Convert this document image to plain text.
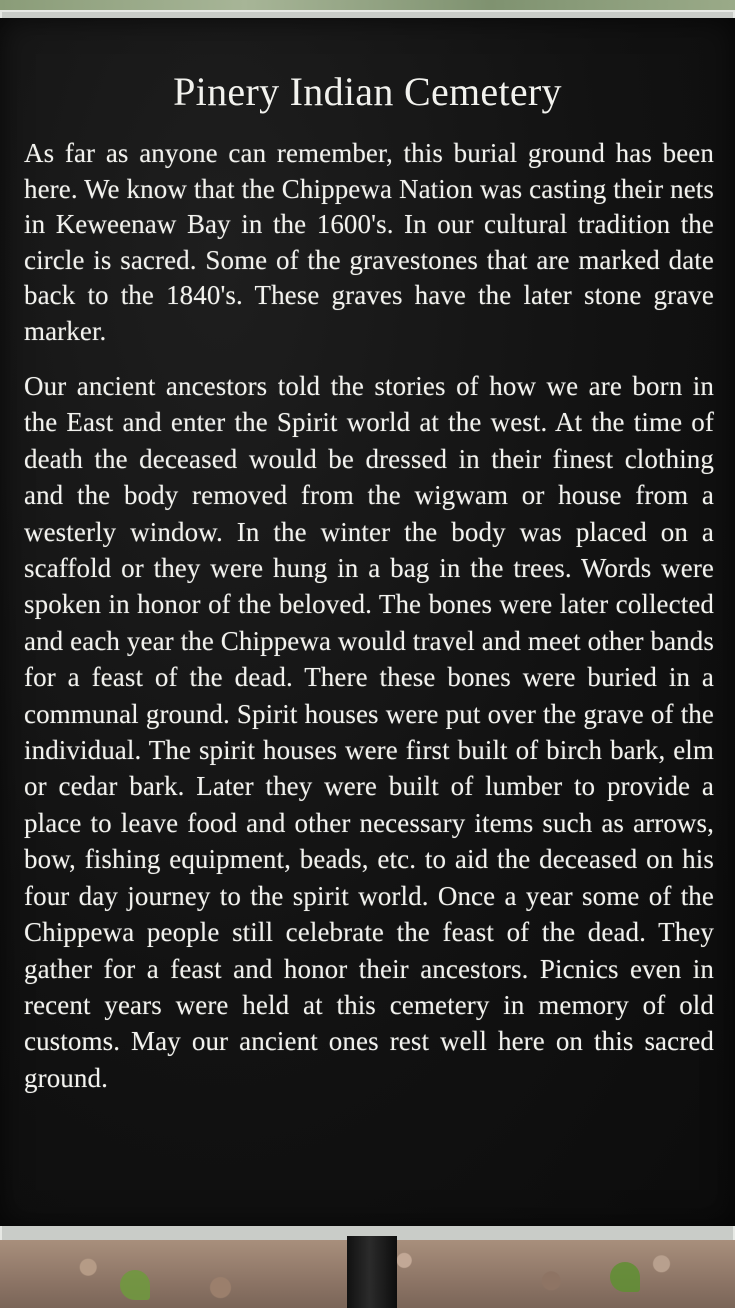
Pinery Indian Cemetery

As far as anyone can remember, this burial ground has been here. We know that the Chippewa Nation was casting their nets in Keweenaw Bay in the 1600's. In our cultural tradition the circle is sacred. Some of the gravestones that are marked date back to the 1840's. These graves have the later stone grave marker.

Our ancient ancestors told the stories of how we are born in the East and enter the Spirit world at the west. At the time of death the deceased would be dressed in their finest clothing and the body removed from the wigwam or house from a westerly window. In the winter the body was placed on a scaffold or they were hung in a bag in the trees. Words were spoken in honor of the beloved. The bones were later collected and each year the Chippewa would travel and meet other bands for a feast of the dead. There these bones were buried in a communal ground. Spirit houses were put over the grave of the individual. The spirit houses were first built of birch bark, elm or cedar bark. Later they were built of lumber to provide a place to leave food and other necessary items such as arrows, bow, fishing equipment, beads, etc. to aid the deceased on his four day journey to the spirit world. Once a year some of the Chippewa people still celebrate the feast of the dead. They gather for a feast and honor their ancestors. Picnics even in recent years were held at this cemetery in memory of old customs. May our ancient ones rest well here on this sacred ground.
